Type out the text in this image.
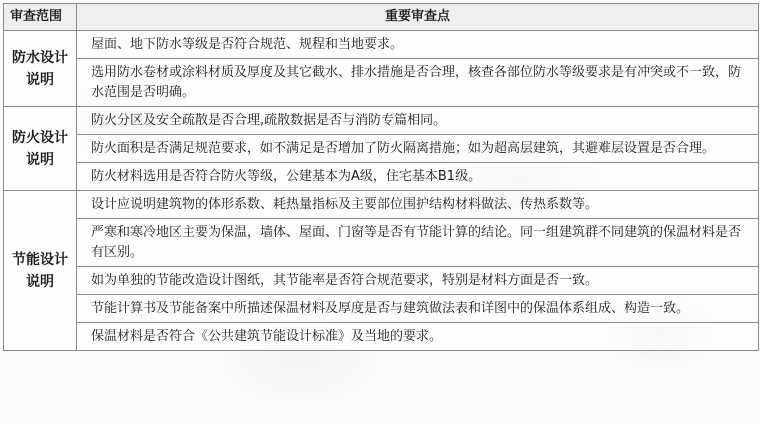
审查范围	重要审查点
防水设计说明	屋面、地下防水等级是否符合规范、规程和当地要求。
	选用防水卷材或涂料材质及厚度及其它截水、排水措施是否合理，核查各部位防水等级要求是有冲突或不一致，防水范围是否明确。
防火设计说明	防火分区及安全疏散是否合理,疏散数据是否与消防专篇相同。
	防火面积是否满足规范要求，如不满足是否增加了防火隔离措施；如为超高层建筑，其避难层设置是否合理。
	防火材料选用是否符合防火等级，公建基本为A级，住宅基本B1级。
节能设计说明	设计应说明建筑物的体形系数、耗热量指标及主要部位围护结构材料做法、传热系数等。
	严寒和寒冷地区主要为保温，墙体、屋面、门窗等是否有节能计算的结论。同一组建筑群不同建筑的保温材料是否有区别。
	如为单独的节能改造设计图纸，其节能率是否符合规范要求，特别是材料方面是否一致。
	节能计算书及节能备案中所描述保温材料及厚度是否与建筑做法表和详图中的保温体系组成、构造一致。
	保温材料是否符合《公共建筑节能设计标准》及当地的要求。
